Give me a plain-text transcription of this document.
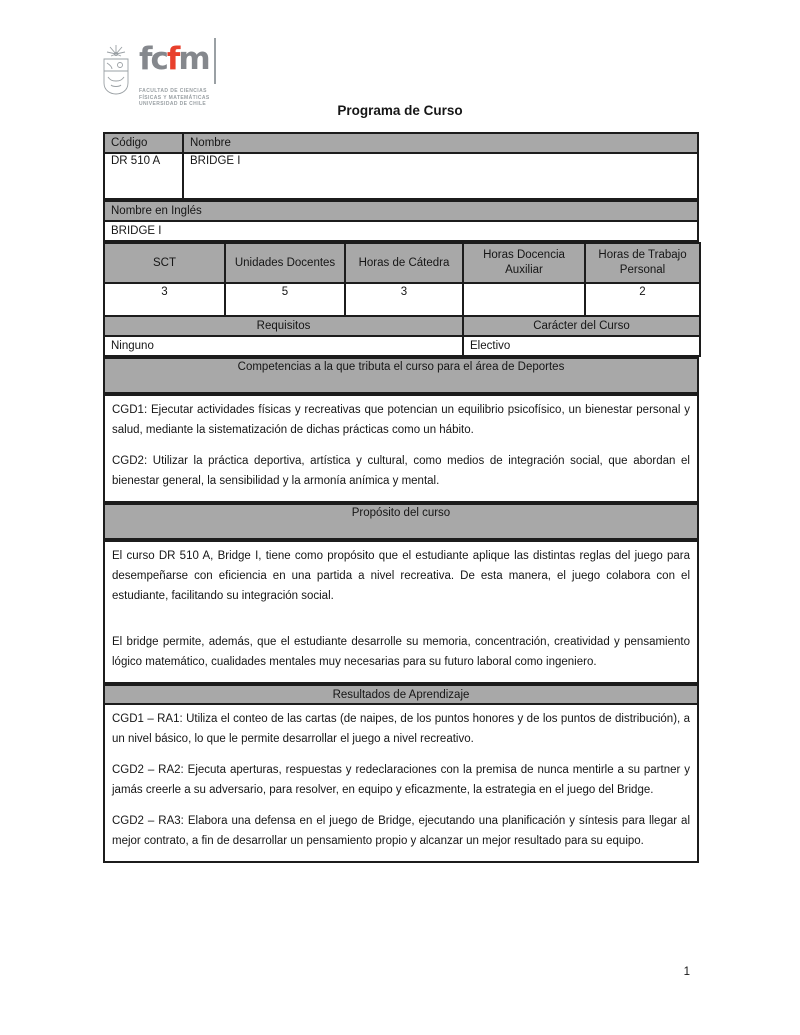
fcfm
FACULTAD DE CIENCIAS
FÍSICAS Y MATEMÁTICAS
UNIVERSIDAD DE CHILE	Programa de Curso
Código	Nombre
DR 510 A	BRIDGE I
Nombre en Inglés
BRIDGE I
SCT	Unidades Docentes	Horas de Cátedra	Horas Docencia Auxiliar	Horas de Trabajo Personal
3	5	3		2
Requisitos			Carácter del Curso	
Ninguno			Electivo	
Competencias a la que tributa el curso para el área de Deportes

CGD1: Ejecutar actividades físicas y recreativas que potencian un equilibrio psicofísico, un bienestar personal y salud, mediante la sistematización de dichas prácticas como un hábito.

CGD2: Utilizar la práctica deportiva, artística y cultural, como medios de integración social, que abordan el bienestar general, la sensibilidad y la armonía anímica y mental.

Propósito del curso

El curso DR 510 A, Bridge I, tiene como propósito que el estudiante aplique las distintas reglas del juego para desempeñarse con eficiencia en una partida a nivel recreativa. De esta manera, el juego colabora con el estudiante, facilitando su integración social.

El bridge permite, además, que el estudiante desarrolle su memoria, concentración, creatividad y pensamiento lógico matemático, cualidades mentales muy necesarias para su futuro laboral como ingeniero.

Resultados de Aprendizaje

CGD1 – RA1: Utiliza el conteo de las cartas (de naipes, de los puntos honores y de los puntos de distribución), a un nivel básico, lo que le permite desarrollar el juego a nivel recreativo.

CGD2 – RA2: Ejecuta aperturas, respuestas y redeclaraciones con la premisa de nunca mentirle a su partner y jamás creerle a su adversario, para resolver, en equipo y eficazmente, la estrategia en el juego del Bridge.

CGD2 – RA3: Elabora una defensa en el juego de Bridge, ejecutando una planificación y síntesis para llegar al mejor contrato, a fin de desarrollar un pensamiento propio y alcanzar un mejor resultado para su equipo.

1
